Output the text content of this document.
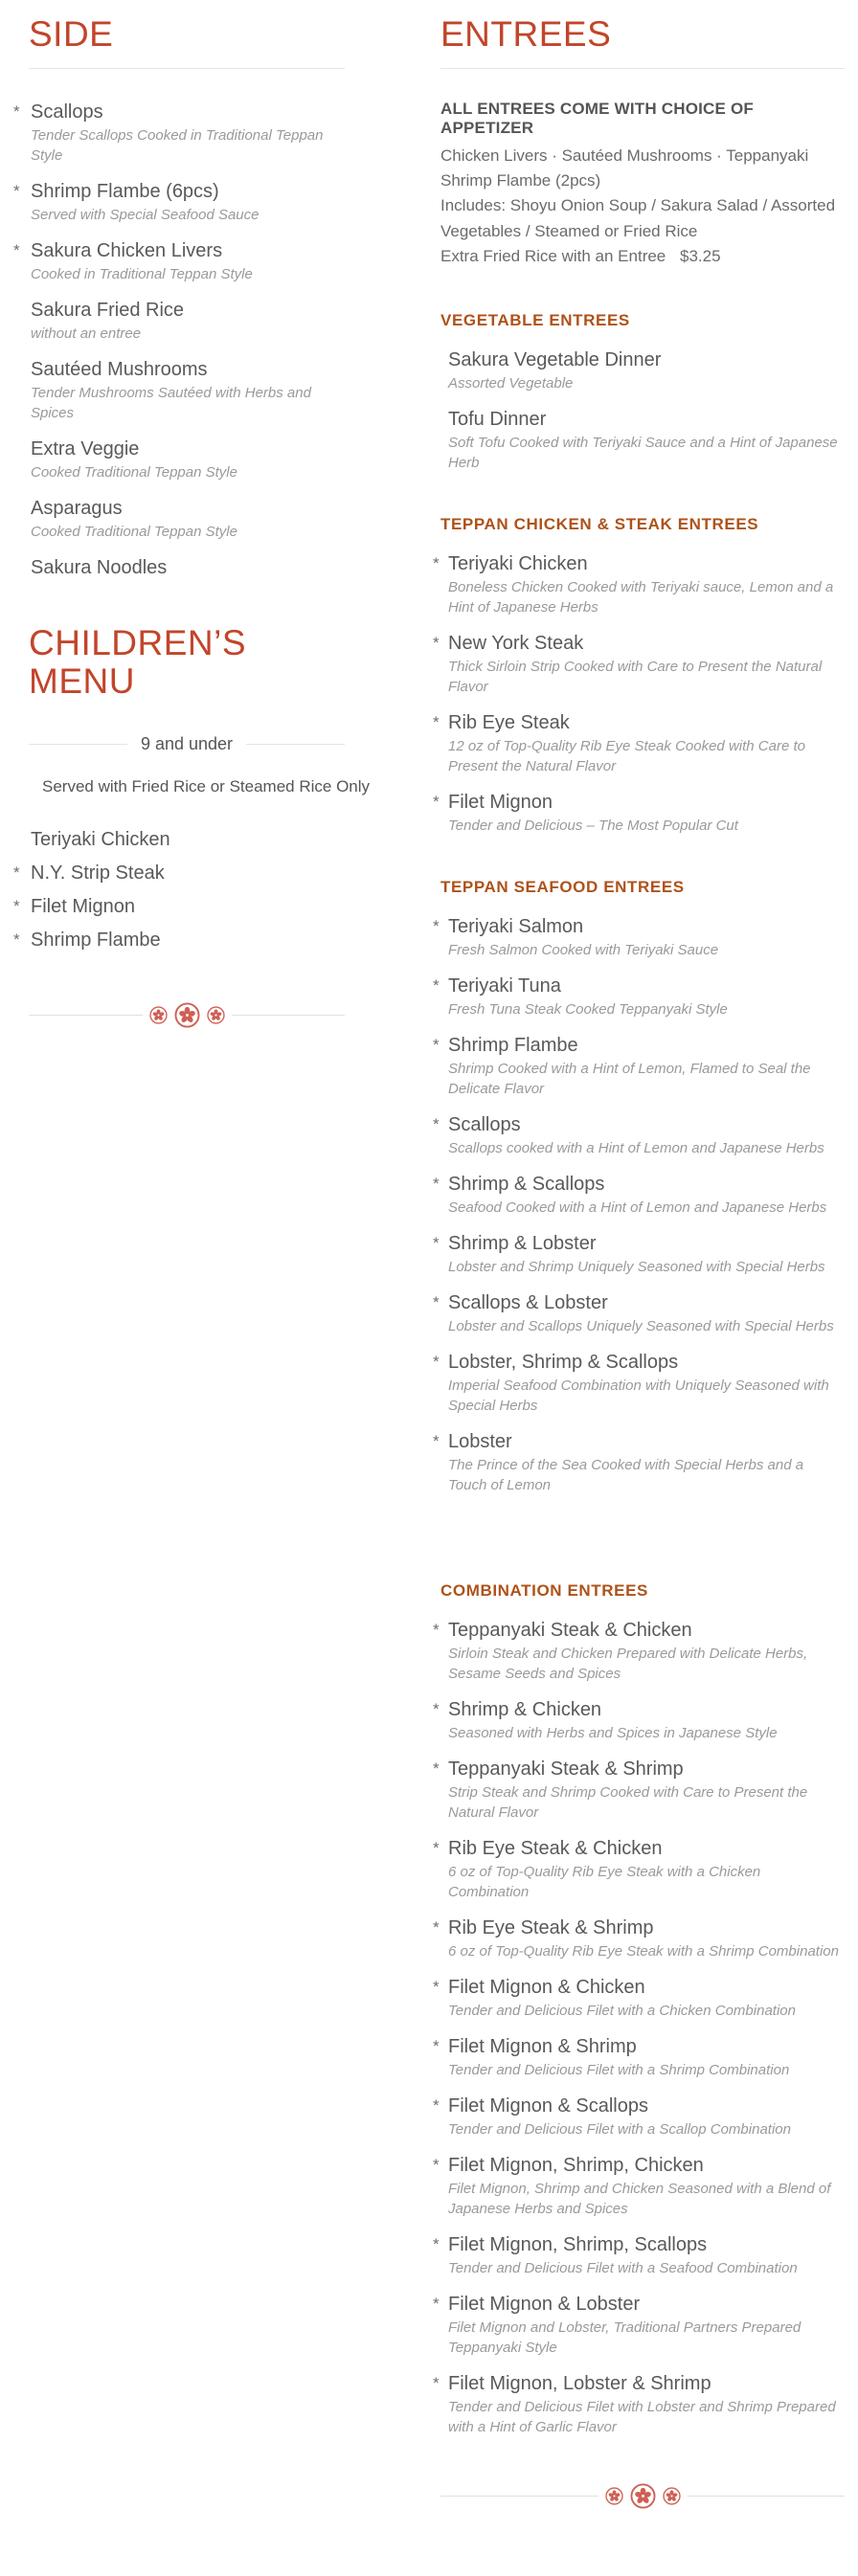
SIDE
* Scallops
Tender Scallops Cooked in Traditional Teppan Style
* Shrimp Flambe (6pcs)
Served with Special Seafood Sauce
* Sakura Chicken Livers
Cooked in Traditional Teppan Style
Sakura Fried Rice
without an entree
Sautéed Mushrooms
Tender Mushrooms Sautéed with Herbs and Spices
Extra Veggie
Cooked Traditional Teppan Style
Asparagus
Cooked Traditional Teppan Style
Sakura Noodles
CHILDREN’S MENU
9 and under
Served with Fried Rice or Steamed Rice Only
Teriyaki Chicken
* N.Y. Strip Steak
* Filet Mignon
* Shrimp Flambe
ENTREES
ALL ENTREES COME WITH CHOICE OF APPETIZER
Chicken Livers · Sautéed Mushrooms · Teppanyaki Shrimp Flambe (2pcs)
Includes: Shoyu Onion Soup / Sakura Salad / Assorted Vegetables / Steamed or Fried Rice
Extra Fried Rice with an Entree $3.25
VEGETABLE ENTREES
Sakura Vegetable Dinner
Assorted Vegetable
Tofu Dinner
Soft Tofu Cooked with Teriyaki Sauce and a Hint of Japanese Herb
TEPPAN CHICKEN & STEAK ENTREES
* Teriyaki Chicken
Boneless Chicken Cooked with Teriyaki sauce, Lemon and a Hint of Japanese Herbs
* New York Steak
Thick Sirloin Strip Cooked with Care to Present the Natural Flavor
* Rib Eye Steak
12 oz of Top-Quality Rib Eye Steak Cooked with Care to Present the Natural Flavor
* Filet Mignon
Tender and Delicious – The Most Popular Cut
TEPPAN SEAFOOD ENTREES
* Teriyaki Salmon
Fresh Salmon Cooked with Teriyaki Sauce
* Teriyaki Tuna
Fresh Tuna Steak Cooked Teppanyaki Style
* Shrimp Flambe
Shrimp Cooked with a Hint of Lemon, Flamed to Seal the Delicate Flavor
* Scallops
Scallops cooked with a Hint of Lemon and Japanese Herbs
* Shrimp & Scallops
Seafood Cooked with a Hint of Lemon and Japanese Herbs
* Shrimp & Lobster
Lobster and Shrimp Uniquely Seasoned with Special Herbs
* Scallops & Lobster
Lobster and Scallops Uniquely Seasoned with Special Herbs
* Lobster, Shrimp & Scallops
Imperial Seafood Combination with Uniquely Seasoned with Special Herbs
* Lobster
The Prince of the Sea Cooked with Special Herbs and a Touch of Lemon
COMBINATION ENTREES
* Teppanyaki Steak & Chicken
Sirloin Steak and Chicken Prepared with Delicate Herbs, Sesame Seeds and Spices
* Shrimp & Chicken
Seasoned with Herbs and Spices in Japanese Style
* Teppanyaki Steak & Shrimp
Strip Steak and Shrimp Cooked with Care to Present the Natural Flavor
* Rib Eye Steak & Chicken
6 oz of Top-Quality Rib Eye Steak with a Chicken Combination
* Rib Eye Steak & Shrimp
6 oz of Top-Quality Rib Eye Steak with a Shrimp Combination
* Filet Mignon & Chicken
Tender and Delicious Filet with a Chicken Combination
* Filet Mignon & Shrimp
Tender and Delicious Filet with a Shrimp Combination
* Filet Mignon & Scallops
Tender and Delicious Filet with a Scallop Combination
* Filet Mignon, Shrimp, Chicken
Filet Mignon, Shrimp and Chicken Seasoned with a Blend of Japanese Herbs and Spices
* Filet Mignon, Shrimp, Scallops
Tender and Delicious Filet with a Seafood Combination
* Filet Mignon & Lobster
Filet Mignon and Lobster, Traditional Partners Prepared Teppanyaki Style
* Filet Mignon, Lobster & Shrimp
Tender and Delicious Filet with Lobster and Shrimp Prepared with a Hint of Garlic Flavor
